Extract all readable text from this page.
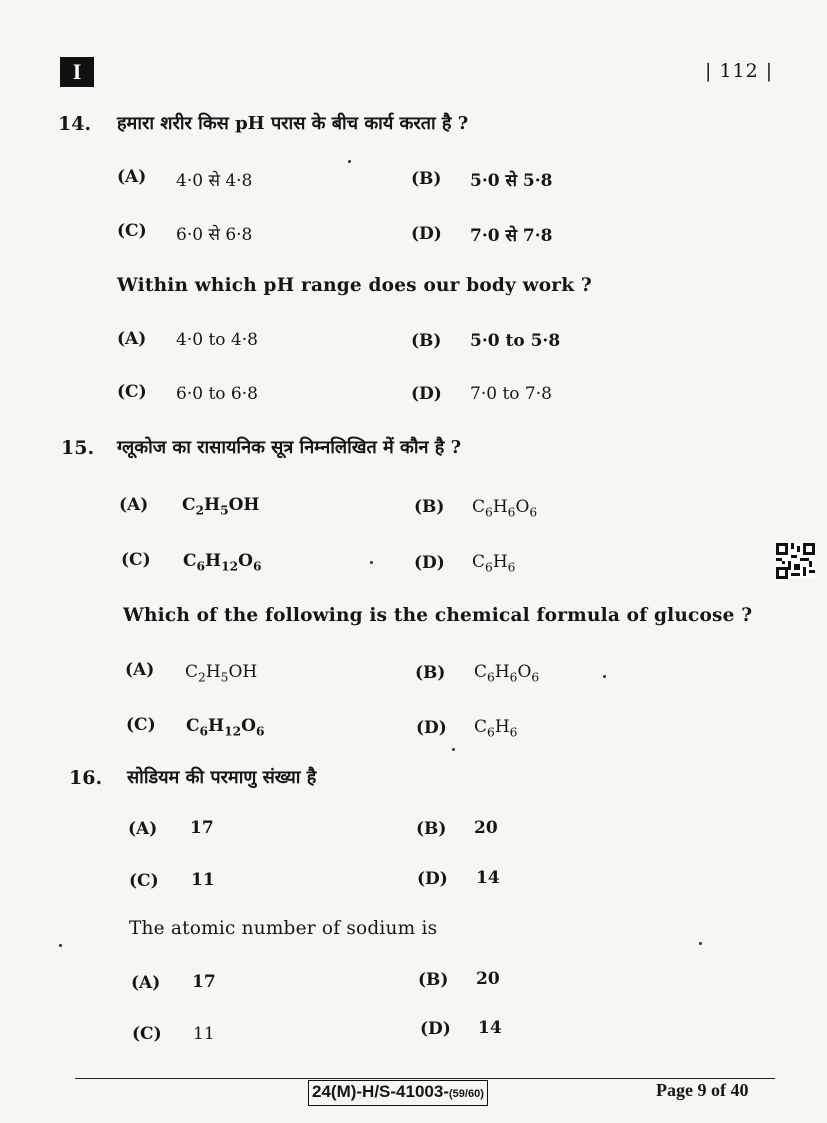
I	| 112 |
14. हमारा शरीर किस pH परास के बीच कार्य करता है ?
(A) 4·0 से 4·8	(B) 5·0 से 5·8
(C) 6·0 से 6·8	(D) 7·0 से 7·8
Within which pH range does our body work ?
(A) 4·0 to 4·8	(B) 5·0 to 5·8
(C) 6·0 to 6·8	(D) 7·0 to 7·8
15. ग्लूकोज का रासायनिक सूत्र निम्नलिखित में कौन है ?
(A) $C_2H_5OH$	(B) $C_6H_6O_6$
(C) $C_6H_{12}O_6$	(D) $C_6H_6$
Which of the following is the chemical formula of glucose ?
(A) $C_2H_5OH$	(B) $C_6H_6O_6$
(C) $C_6H_{12}O_6$	(D) $C_6H_6$
16. सोडियम की परमाणु संख्या है
(A) 17	(B) 20
(C) 11	(D) 14
The atomic number of sodium is
(A) 17	(B) 20
(C) 11	(D) 14
24(M)-H/S-41003-(59/60)	Page 9 of 40
